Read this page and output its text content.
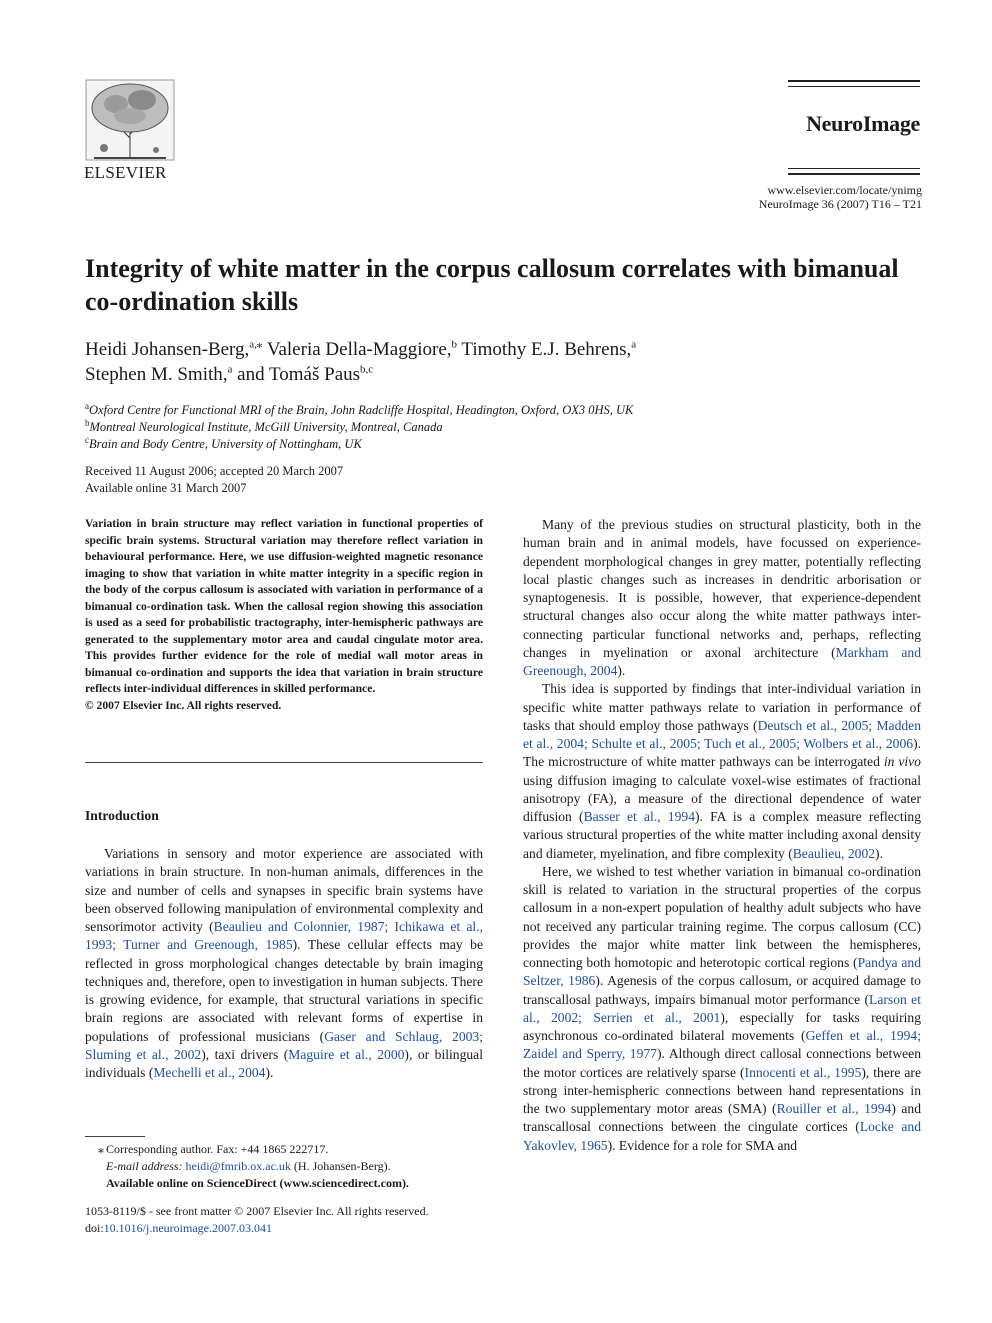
ELSEVIER
NeuroImage
www.elsevier.com/locate/ynimg
NeuroImage 36 (2007) T16 – T21
Integrity of white matter in the corpus callosum correlates with bimanual co-ordination skills
Heidi Johansen-Berg,$^{a,⁎}$ Valeria Della-Maggiore,$^b$ Timothy E.J. Behrens,$^a$
Stephen M. Smith,$^a$ and Tomáš Paus$^{b,c}$
$^a$Oxford Centre for Functional MRI of the Brain, John Radcliffe Hospital, Headington, Oxford, OX3 0HS, UK
$^b$Montreal Neurological Institute, McGill University, Montreal, Canada
$^c$Brain and Body Centre, University of Nottingham, UK
Received 11 August 2006; accepted 20 March 2007
Available online 31 March 2007
Variation in brain structure may reflect variation in functional properties of specific brain systems. Structural variation may therefore reflect variation in behavioural performance. Here, we use diffusion-weighted magnetic resonance imaging to show that variation in white matter integrity in a specific region in the body of the corpus callosum is associated with variation in performance of a bimanual co-ordination task. When the callosal region showing this association is used as a seed for probabilistic tractography, inter-hemispheric pathways are generated to the supplementary motor area and caudal cingulate motor area. This provides further evidence for the role of medial wall motor areas in bimanual co-ordination and supports the idea that variation in brain structure reflects inter-individual differences in skilled performance.
© 2007 Elsevier Inc. All rights reserved.
Introduction

Variations in sensory and motor experience are associated with variations in brain structure. In non-human animals, differences in the size and number of cells and synapses in specific brain systems have been observed following manipulation of environmental complexity and sensorimotor activity (Beaulieu and Colonnier, 1987; Ichikawa et al., 1993; Turner and Greenough, 1985). These cellular effects may be reflected in gross morphological changes detectable by brain imaging techniques and, therefore, open to investigation in human subjects. There is growing evidence, for example, that structural variations in specific brain regions are associated with relevant forms of expertise in populations of professional musicians (Gaser and Schlaug, 2003; Sluming et al., 2002), taxi drivers (Maguire et al., 2000), or bilingual individuals (Mechelli et al., 2004).

⁎ Corresponding author. Fax: +44 1865 222717.
E-mail address: heidi@fmrib.ox.ac.uk (H. Johansen-Berg).
Available online on ScienceDirect (www.sciencedirect.com).
1053-8119/$ - see front matter © 2007 Elsevier Inc. All rights reserved.
doi:10.1016/j.neuroimage.2007.03.041

Many of the previous studies on structural plasticity, both in the human brain and in animal models, have focussed on experience-dependent morphological changes in grey matter, potentially reflecting local plastic changes such as increases in dendritic arborisation or synaptogenesis. It is possible, however, that experience-dependent structural changes also occur along the white matter pathways inter-connecting particular functional networks and, perhaps, reflecting changes in myelination or axonal architecture (Markham and Greenough, 2004).

This idea is supported by findings that inter-individual variation in specific white matter pathways relate to variation in performance of tasks that should employ those pathways (Deutsch et al., 2005; Madden et al., 2004; Schulte et al., 2005; Tuch et al., 2005; Wolbers et al., 2006). The microstructure of white matter pathways can be interrogated in vivo using diffusion imaging to calculate voxel-wise estimates of fractional anisotropy (FA), a measure of the directional dependence of water diffusion (Basser et al., 1994). FA is a complex measure reflecting various structural properties of the white matter including axonal density and diameter, myelination, and fibre complexity (Beaulieu, 2002).

Here, we wished to test whether variation in bimanual co-ordination skill is related to variation in the structural properties of the corpus callosum in a non-expert population of healthy adult subjects who have not received any particular training regime. The corpus callosum (CC) provides the major white matter link between the hemispheres, connecting both homotopic and heterotopic cortical regions (Pandya and Seltzer, 1986). Agenesis of the corpus callosum, or acquired damage to transcallosal pathways, impairs bimanual motor performance (Larson et al., 2002; Serrien et al., 2001), especially for tasks requiring asynchronous co-ordinated bilateral movements (Geffen et al., 1994; Zaidel and Sperry, 1977). Although direct callosal connections between the motor cortices are relatively sparse (Innocenti et al., 1995), there are strong inter-hemispheric connections between hand representations in the two supplementary motor areas (SMA) (Rouiller et al., 1994) and transcallosal connections between the cingulate cortices (Locke and Yakovlev, 1965). Evidence for a role for SMA and
